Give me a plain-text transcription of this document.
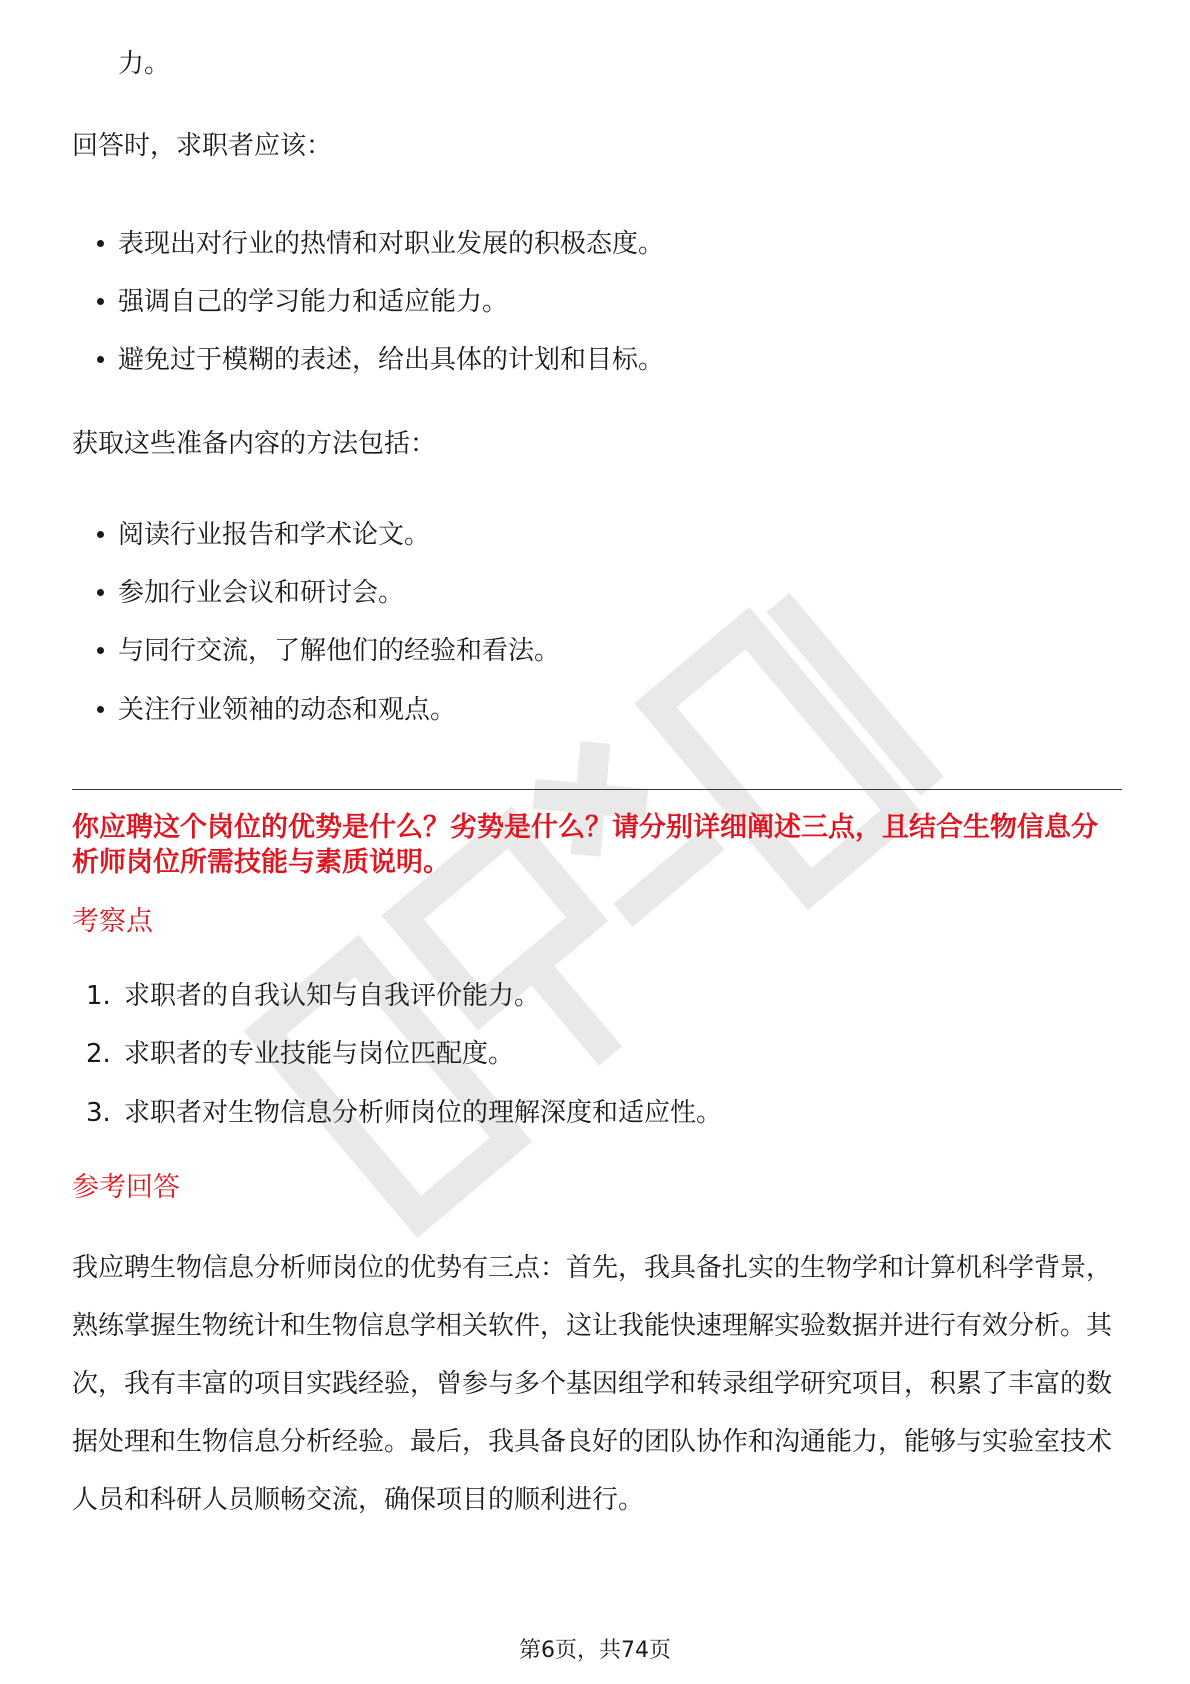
力。
回答时，求职者应该：
表现出对行业的热情和对职业发展的积极态度。
强调自己的学习能力和适应能力。
避免过于模糊的表述，给出具体的计划和目标。
获取这些准备内容的方法包括：
阅读行业报告和学术论文。
参加行业会议和研讨会。
与同行交流，了解他们的经验和看法。
关注行业领袖的动态和观点。
你应聘这个岗位的优势是什么？劣势是什么？请分别详细阐述三点，且结合生物信息分析师岗位所需技能与素质说明。
考察点
1. 求职者的自我认知与自我评价能力。
2. 求职者的专业技能与岗位匹配度。
3. 求职者对生物信息分析师岗位的理解深度和适应性。
参考回答
我应聘生物信息分析师岗位的优势有三点：首先，我具备扎实的生物学和计算机科学背景，熟练掌握生物统计和生物信息学相关软件，这让我能快速理解实验数据并进行有效分析。其次，我有丰富的项目实践经验，曾参与多个基因组学和转录组学研究项目，积累了丰富的数据处理和生物信息分析经验。最后，我具备良好的团队协作和沟通能力，能够与实验室技术人员和科研人员顺畅交流，确保项目的顺利进行。
第6页，共74页
